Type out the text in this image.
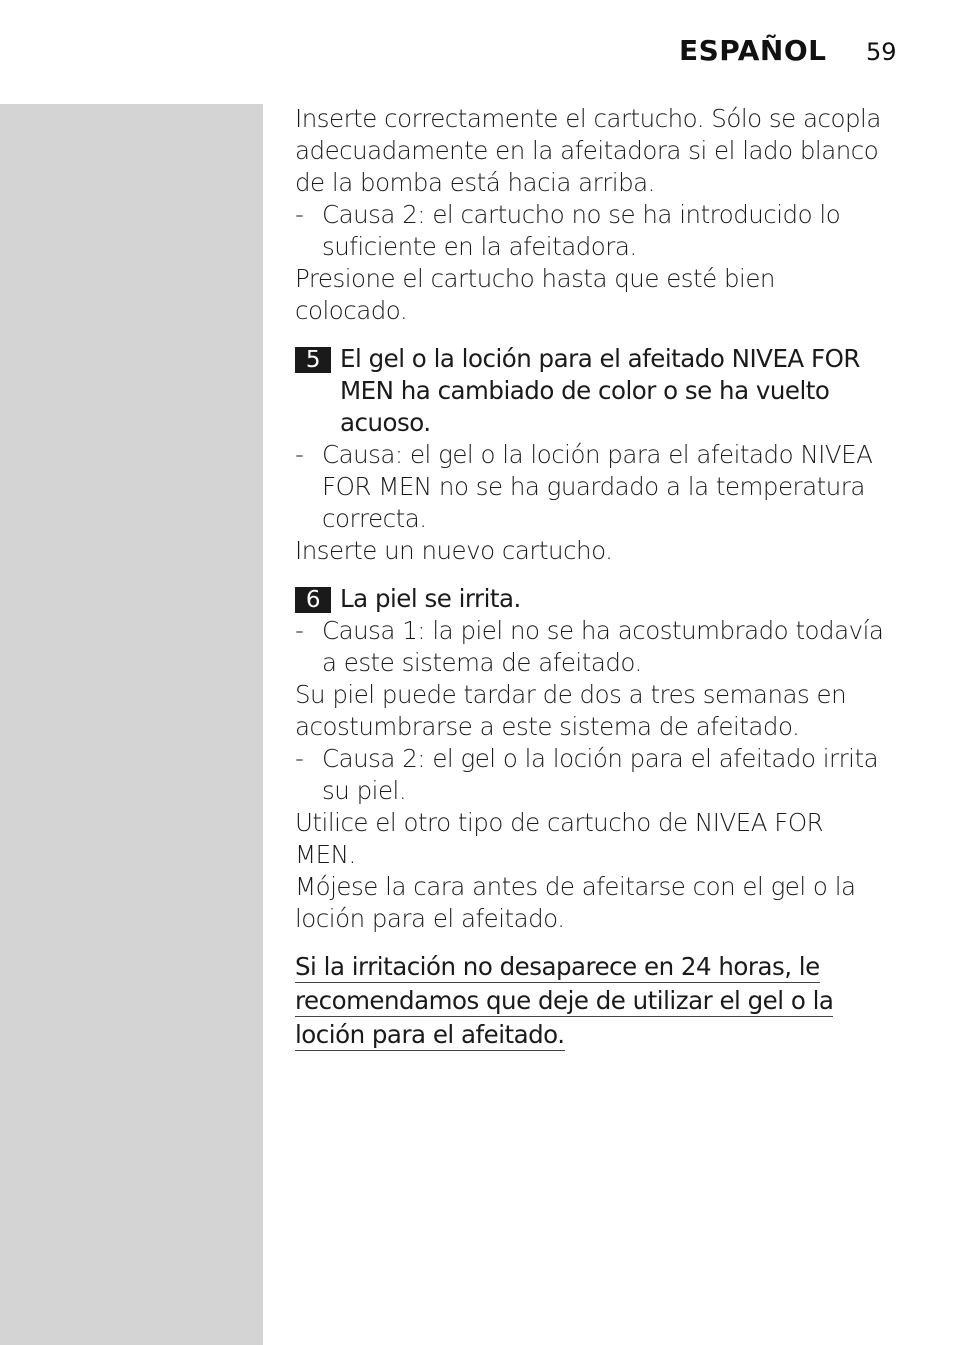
ESPAÑOL 59

Inserte correctamente el cartucho. Sólo se acopla adecuadamente en la afeitadora si el lado blanco de la bomba está hacia arriba.

- Causa 2: el cartucho no se ha introducido lo suficiente en la afeitadora.

Presione el cartucho hasta que esté bien colocado.

5 El gel o la loción para el afeitado NIVEA FOR MEN ha cambiado de color o se ha vuelto acuoso.

- Causa: el gel o la loción para el afeitado NIVEA FOR MEN no se ha guardado a la temperatura correcta.

Inserte un nuevo cartucho.

6 La piel se irrita.

- Causa 1: la piel no se ha acostumbrado todavía a este sistema de afeitado.

Su piel puede tardar de dos a tres semanas en acostumbrarse a este sistema de afeitado.

- Causa 2: el gel o la loción para el afeitado irrita su piel.

Utilice el otro tipo de cartucho de NIVEA FOR MEN.

Mójese la cara antes de afeitarse con el gel o la loción para el afeitado.

Si la irritación no desaparece en 24 horas, le
recomendamos que deje de utilizar el gel o la
loción para el afeitado.
